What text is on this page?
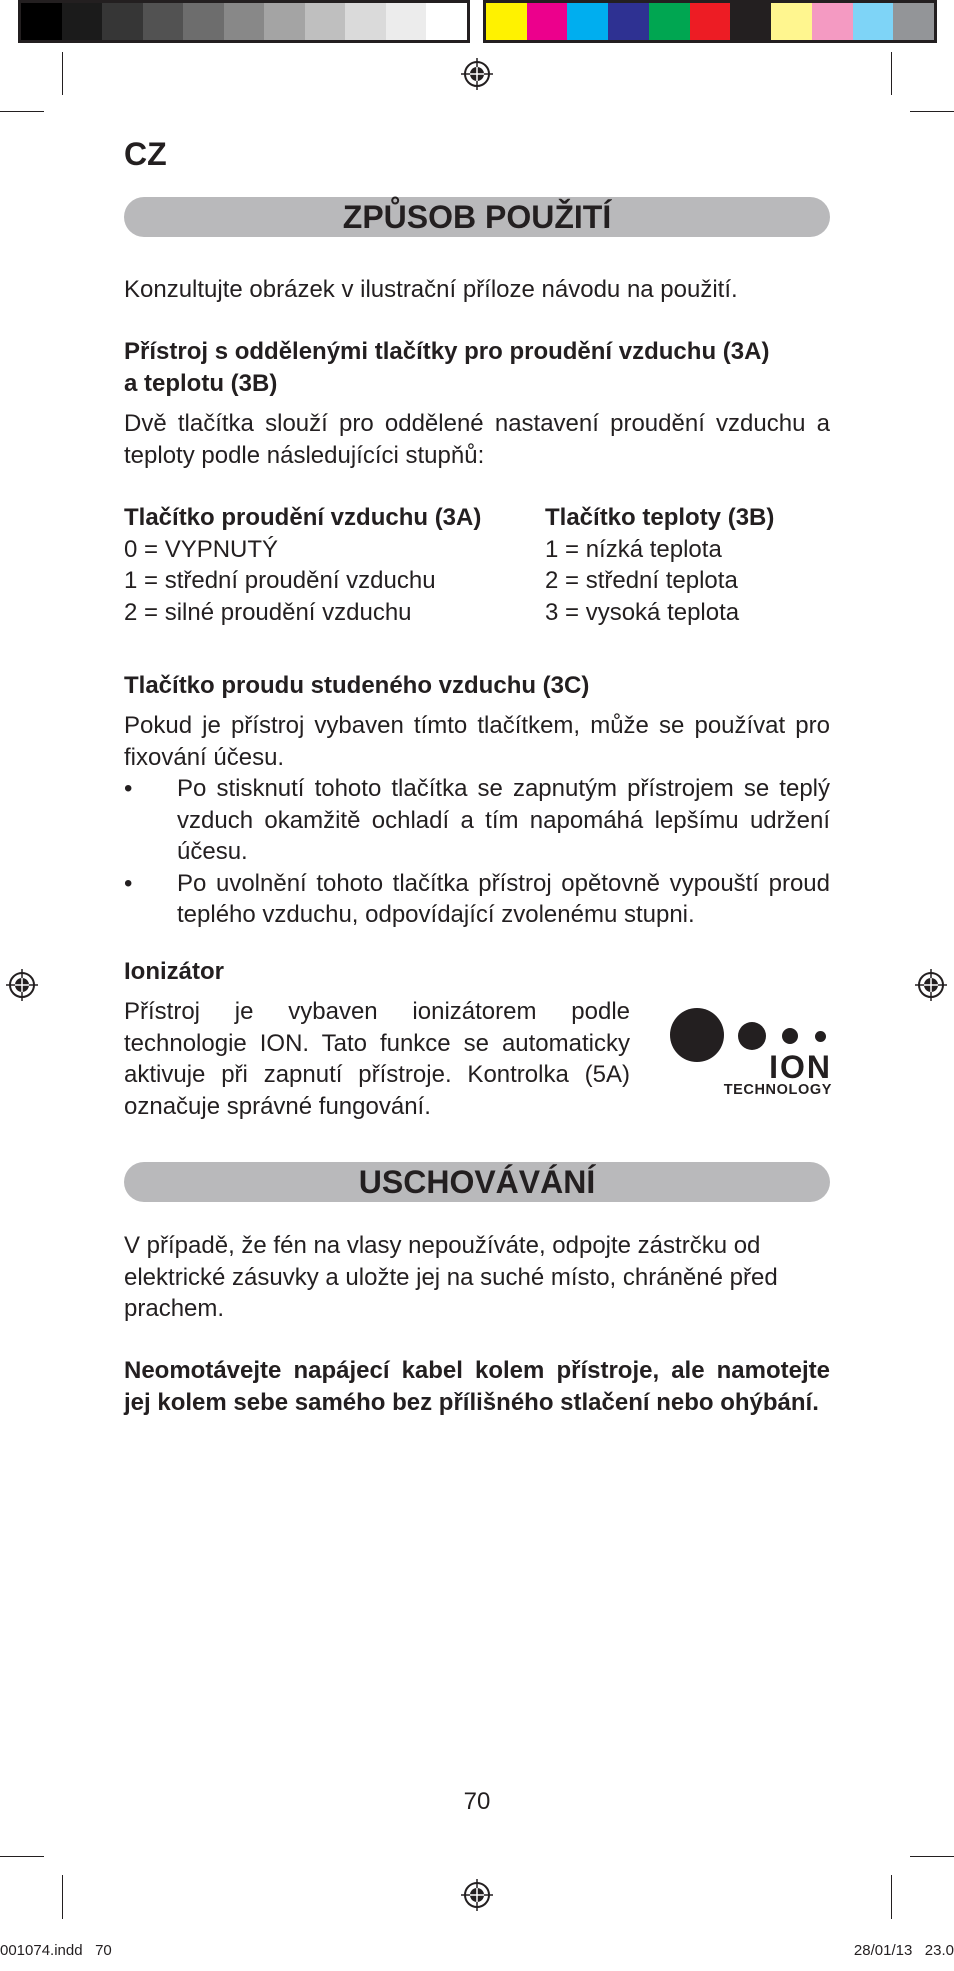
CZ
ZPŮSOB POUŽITÍ

Konzultujte obrázek v ilustrační příloze návodu na použití.

Přístroj s oddělenými tlačítky pro proudění vzduchu (3A)

a teplotu (3B)

Dvě tlačítka slouží pro oddělené nastavení proudění vzduchu a teploty podle následujícíci stupňů:

Tlačítko proudění vzduchu (3A)
0 = VYPNUTÝ
1 = střední proudění vzduchu
2 = silné proudění vzduchu
Tlačítko teploty (3B)
1 = nízká teplota
2 = střední teplota
3 = vysoká teplota

Tlačítko proudu studeného vzduchu (3C)

Pokud je přístroj vybaven tímto tlačítkem, může se používat pro fixování účesu.

• Po stisknutí tohoto tlačítka se zapnutým přístrojem se teplý vzduch okamžitě ochladí a tím napomáhá lepšímu udržení účesu.
• Po uvolnění tohoto tlačítka přístroj opětovně vypouští proud teplého vzduchu, odpovídající zvolenému stupni.

Ionizátor

Přístroj je vybaven ionizátorem podle technologie ION. Tato funkce se automaticky aktivuje při zapnutí přístroje. Kontrolka (5A) označuje správné fungování.

ION
TECHNOLOGY
USCHOVÁVÁNÍ

V případě, že fén na vlasy nepoužíváte, odpojte zástrčku od elektrické zásuvky a uložte jej na suché místo, chráněné před prachem.

Neomotávejte napájecí kabel kolem přístroje, ale namotejte jej kolem sebe samého bez přílišného stlačení nebo ohýbání.

70
001074.indd   70	28/01/13   23.0
